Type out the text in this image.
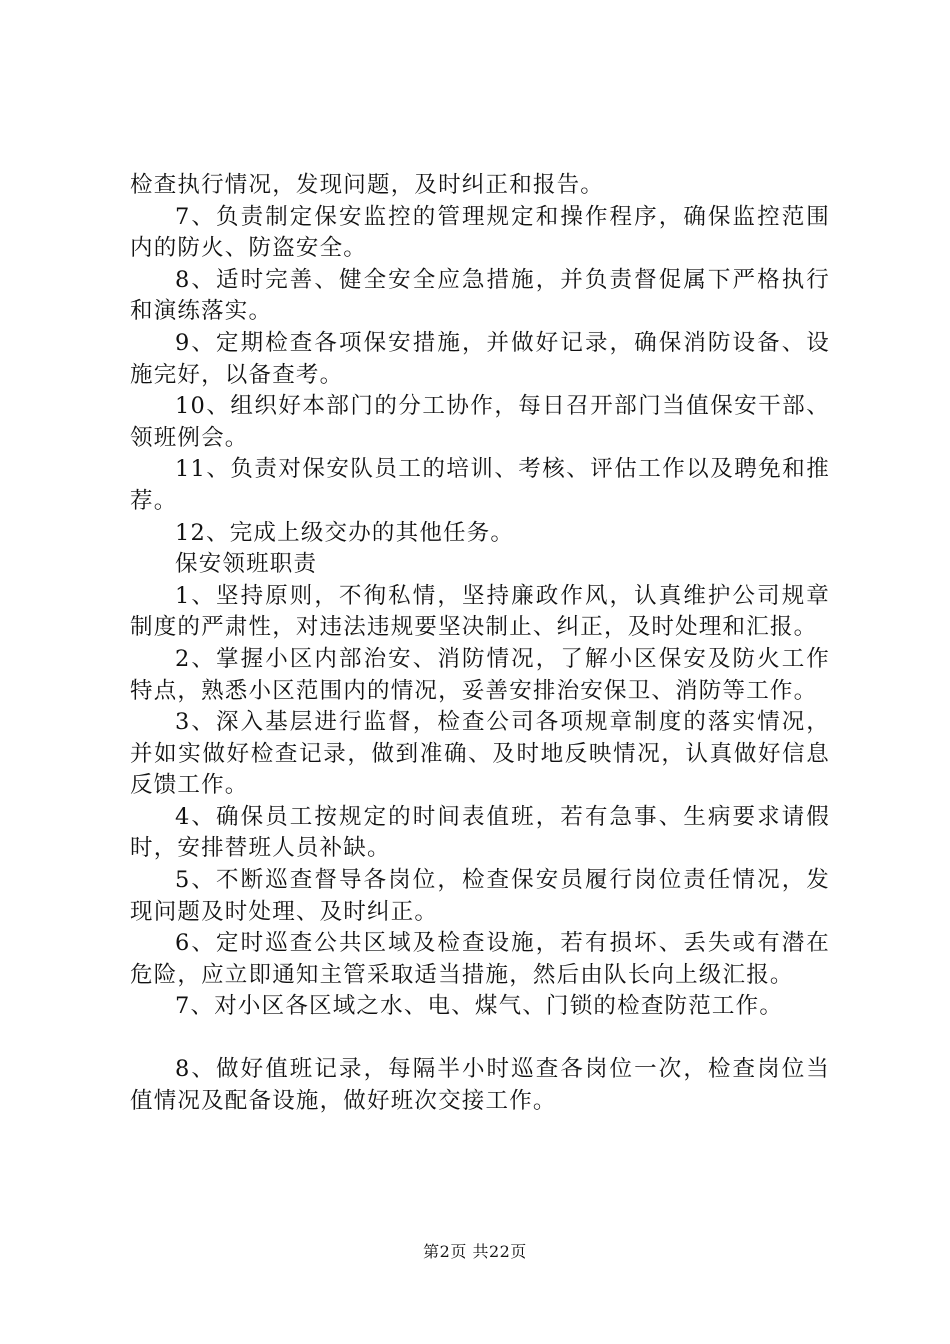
检查执行情况，发现问题，及时纠正和报告。

7、负责制定保安监控的管理规定和操作程序，确保监控范围内的防火、防盗安全。

8、适时完善、健全安全应急措施，并负责督促属下严格执行和演练落实。

9、定期检查各项保安措施，并做好记录，确保消防设备、设施完好，以备查考。

10、组织好本部门的分工协作，每日召开部门当值保安干部、领班例会。

11、负责对保安队员工的培训、考核、评估工作以及聘免和推荐。

12、完成上级交办的其他任务。

保安领班职责

1、坚持原则，不徇私情，坚持廉政作风，认真维护公司规章制度的严肃性，对违法违规要坚决制止、纠正，及时处理和汇报。

2、掌握小区内部治安、消防情况，了解小区保安及防火工作特点，熟悉小区范围内的情况，妥善安排治安保卫、消防等工作。

3、深入基层进行监督，检查公司各项规章制度的落实情况，并如实做好检查记录，做到准确、及时地反映情况，认真做好信息反馈工作。

4、确保员工按规定的时间表值班，若有急事、生病要求请假时，安排替班人员补缺。

5、不断巡查督导各岗位，检查保安员履行岗位责任情况，发现问题及时处理、及时纠正。

6、定时巡查公共区域及检查设施，若有损坏、丢失或有潜在危险，应立即通知主管采取适当措施，然后由队长向上级汇报。

7、对小区各区域之水、电、煤气、门锁的检查防范工作。

8、做好值班记录，每隔半小时巡查各岗位一次，检查岗位当值情况及配备设施，做好班次交接工作。

第2页 共22页
